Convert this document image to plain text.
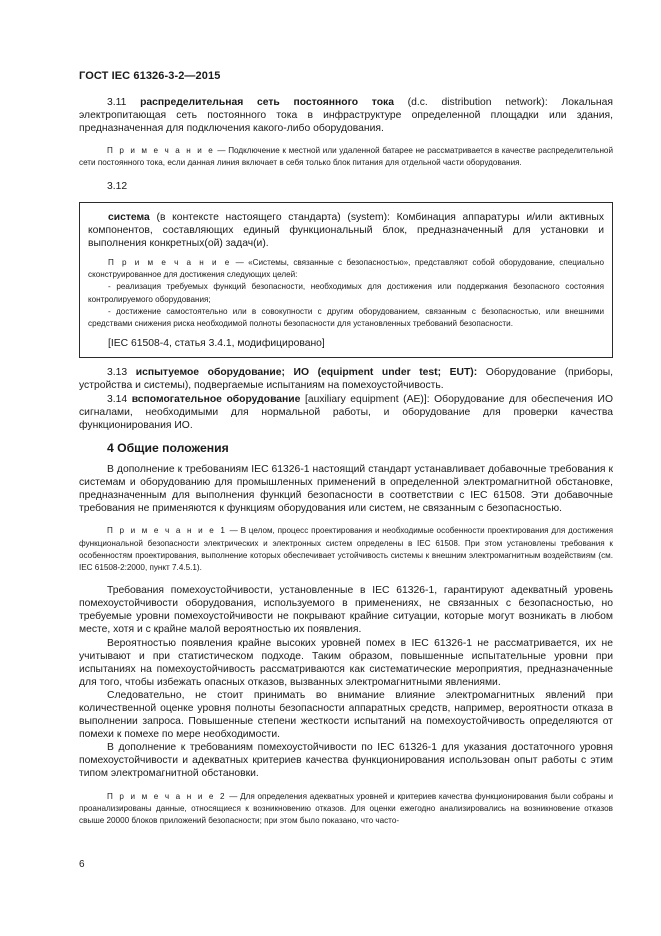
ГОСТ IEC 61326-3-2—2015

3.11 распределительная сеть постоянного тока (d.c. distribution network): Локальная электропитающая сеть постоянного тока в инфраструктуре определенной площадки или здания, предназначенная для подключения какого-либо оборудования.

П р и м е ч а н и е — Подключение к местной или удаленной батарее не рассматривается в качестве распределительной сети постоянного тока, если данная линия включает в себя только блок питания для отдельной части оборудования.

3.12

система (в контексте настоящего стандарта) (system): Комбинация аппаратуры и/или активных компонентов, составляющих единый функциональный блок, предназначенный для установки и выполнения конкретных(ой) задач(и).

П р и м е ч а н и е — «Системы, связанные с безопасностью», представляют собой оборудование, специально сконструированное для достижения следующих целей:

- реализация требуемых функций безопасности, необходимых для достижения или поддержания безопасного состояния контролируемого оборудования;

- достижение самостоятельно или в совокупности с другим оборудованием, связанным с безопасностью, или внешними средствами снижения риска необходимой полноты безопасности для установленных требований безопасности.

[IEC 61508-4, статья 3.4.1, модифицировано]

3.13 испытуемое оборудование; ИО (equipment under test; EUT): Оборудование (приборы, устройства и системы), подвергаемые испытаниям на помехоустойчивость.

3.14 вспомогательное оборудование [auxiliary equipment (AE)]: Оборудование для обеспечения ИО сигналами, необходимыми для нормальной работы, и оборудование для проверки качества функционирования ИО.

4 Общие положения

В дополнение к требованиям IEC 61326-1 настоящий стандарт устанавливает добавочные требования к системам и оборудованию для промышленных применений в определенной электромагнитной обстановке, предназначенным для выполнения функций безопасности в соответствии с IEC 61508. Эти добавочные требования не применяются к функциям оборудования или систем, не связанным с безопасностью.

П р и м е ч а н и е 1 — В целом, процесс проектирования и необходимые особенности проектирования для достижения функциональной безопасности электрических и электронных систем определены в IEC 61508. При этом установлены требования к особенностям проектирования, выполнение которых обеспечивает устойчивость системы к внешним электромагнитным воздействиям (см. IEC 61508-2:2000, пункт 7.4.5.1).

Требования помехоустойчивости, установленные в IEC 61326-1, гарантируют адекватный уровень помехоустойчивости оборудования, используемого в применениях, не связанных с безопасностью, но требуемые уровни помехоустойчивости не покрывают крайние ситуации, которые могут возникать в любом месте, хотя и с крайне малой вероятностью их появления.

Вероятностью появления крайне высоких уровней помех в IEC 61326-1 не рассматривается, их не учитывают и при статистическом подходе. Таким образом, повышенные испытательные уровни при испытаниях на помехоустойчивость рассматриваются как систематические мероприятия, предназначенные для того, чтобы избежать опасных отказов, вызванных электромагнитными явлениями.

Следовательно, не стоит принимать во внимание влияние электромагнитных явлений при количественной оценке уровня полноты безопасности аппаратных средств, например, вероятности отказа в выполнении запроса. Повышенные степени жесткости испытаний на помехоустойчивость определяются от помехи к помехе по мере необходимости.

В дополнение к требованиям помехоустойчивости по IEC 61326-1 для указания достаточного уровня помехоустойчивости и адекватных критериев качества функционирования использован опыт работы с этим типом электромагнитной обстановки.

П р и м е ч а н и е 2 — Для определения адекватных уровней и критериев качества функционирования были собраны и проанализированы данные, относящиеся к возникновению отказов. Для оценки ежегодно анализировались на возникновение отказов свыше 20000 блоков приложений безопасности; при этом было показано, что часто-

6
